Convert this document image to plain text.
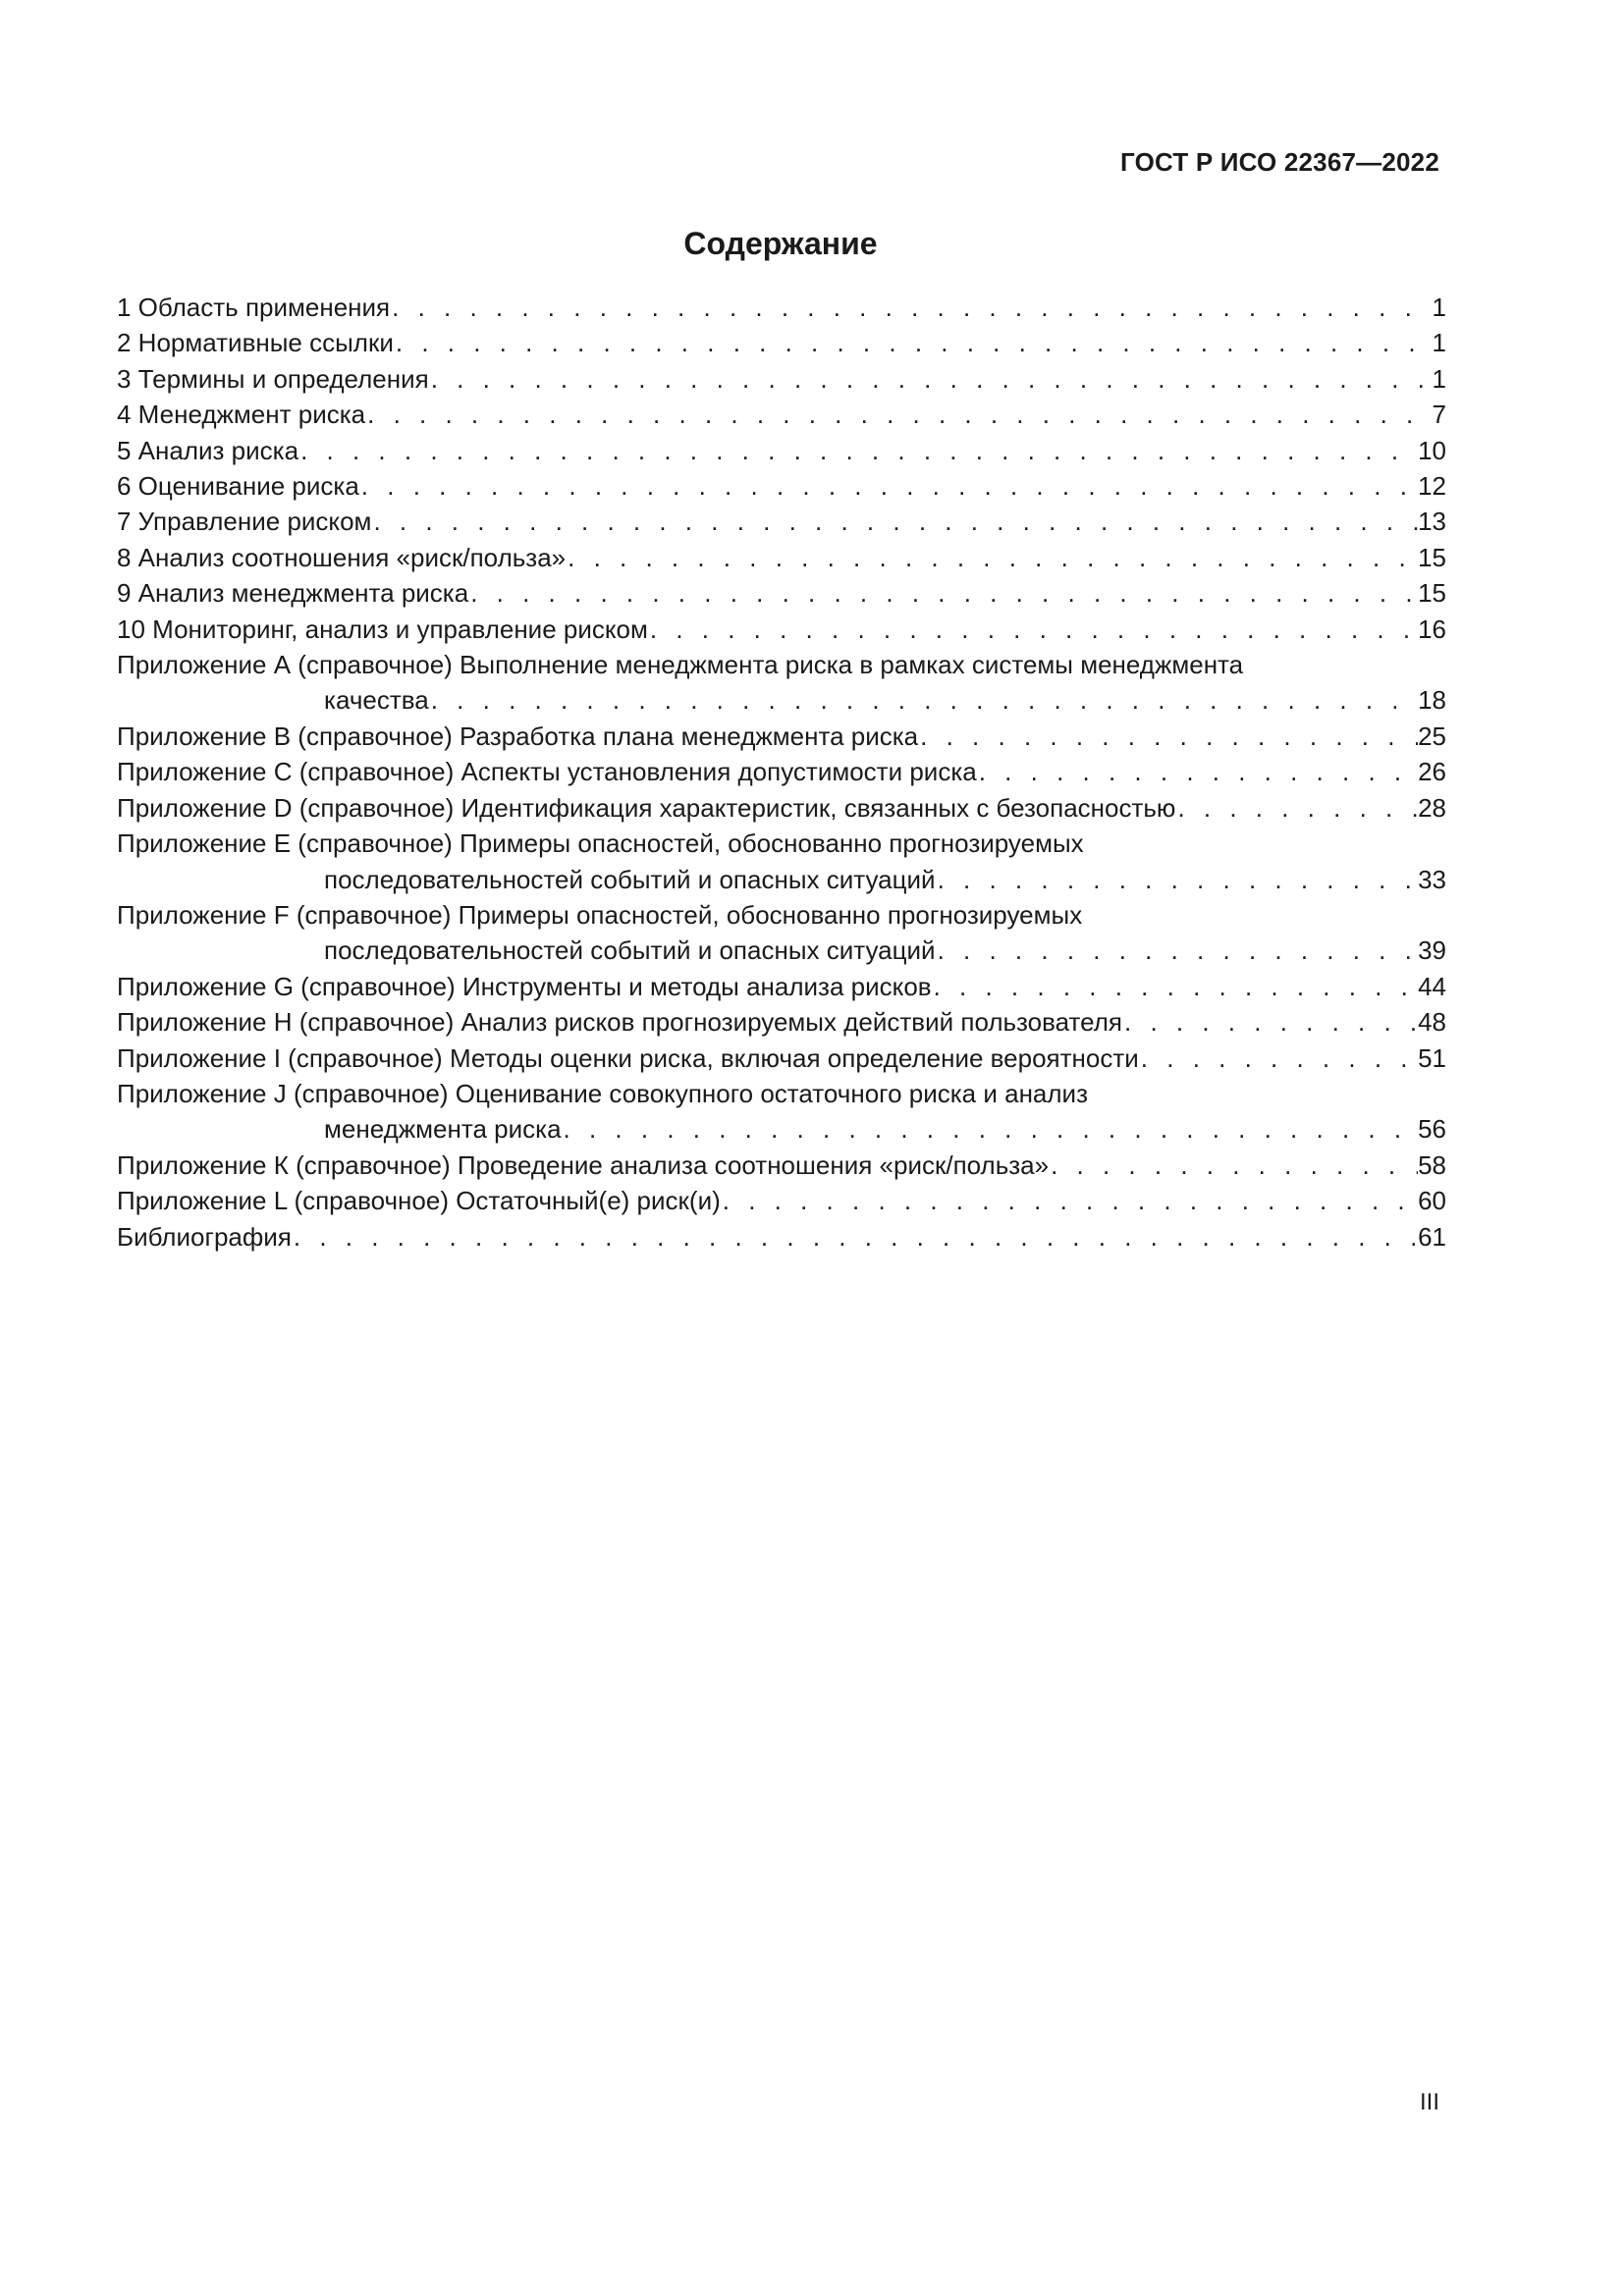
ГОСТ Р ИСО 22367—2022
Содержание
1 Область применения . . .	1
2 Нормативные ссылки . . .	1
3 Термины и определения . . .	1
4 Менеджмент риска . . .	7
5 Анализ риска . . .	10
6 Оценивание риска . . .	12
7 Управление риском . . .	13
8 Анализ соотношения «риск/польза» . . .	15
9 Анализ менеджмента риска . . .	15
10 Мониторинг, анализ и управление риском . . .	16
Приложение А (справочное) Выполнение менеджмента риска в рамках системы менеджмента
качества . . .	18
Приложение В (справочное) Разработка плана менеджмента риска . . .	25
Приложение С (справочное) Аспекты установления допустимости риска . . .	26
Приложение D (справочное) Идентификация характеристик, связанных с безопасностью . . .	28
Приложение Е (справочное) Примеры опасностей, обоснованно прогнозируемых
последовательностей событий и опасных ситуаций . . .	33
Приложение F (справочное) Примеры опасностей, обоснованно прогнозируемых
последовательностей событий и опасных ситуаций . . .	39
Приложение G (справочное) Инструменты и методы анализа рисков . . .	44
Приложение H (справочное) Анализ рисков прогнозируемых действий пользователя . . .	48
Приложение I (справочное) Методы оценки риска, включая определение вероятности . . .	51
Приложение J (справочное) Оценивание совокупного остаточного риска и анализ
менеджмента риска . . .	56
Приложение К (справочное) Проведение анализа соотношения «риск/польза» . . .	58
Приложение L (справочное) Остаточный(е) риск(и) . . .	60
Библиография . . .	61
III
